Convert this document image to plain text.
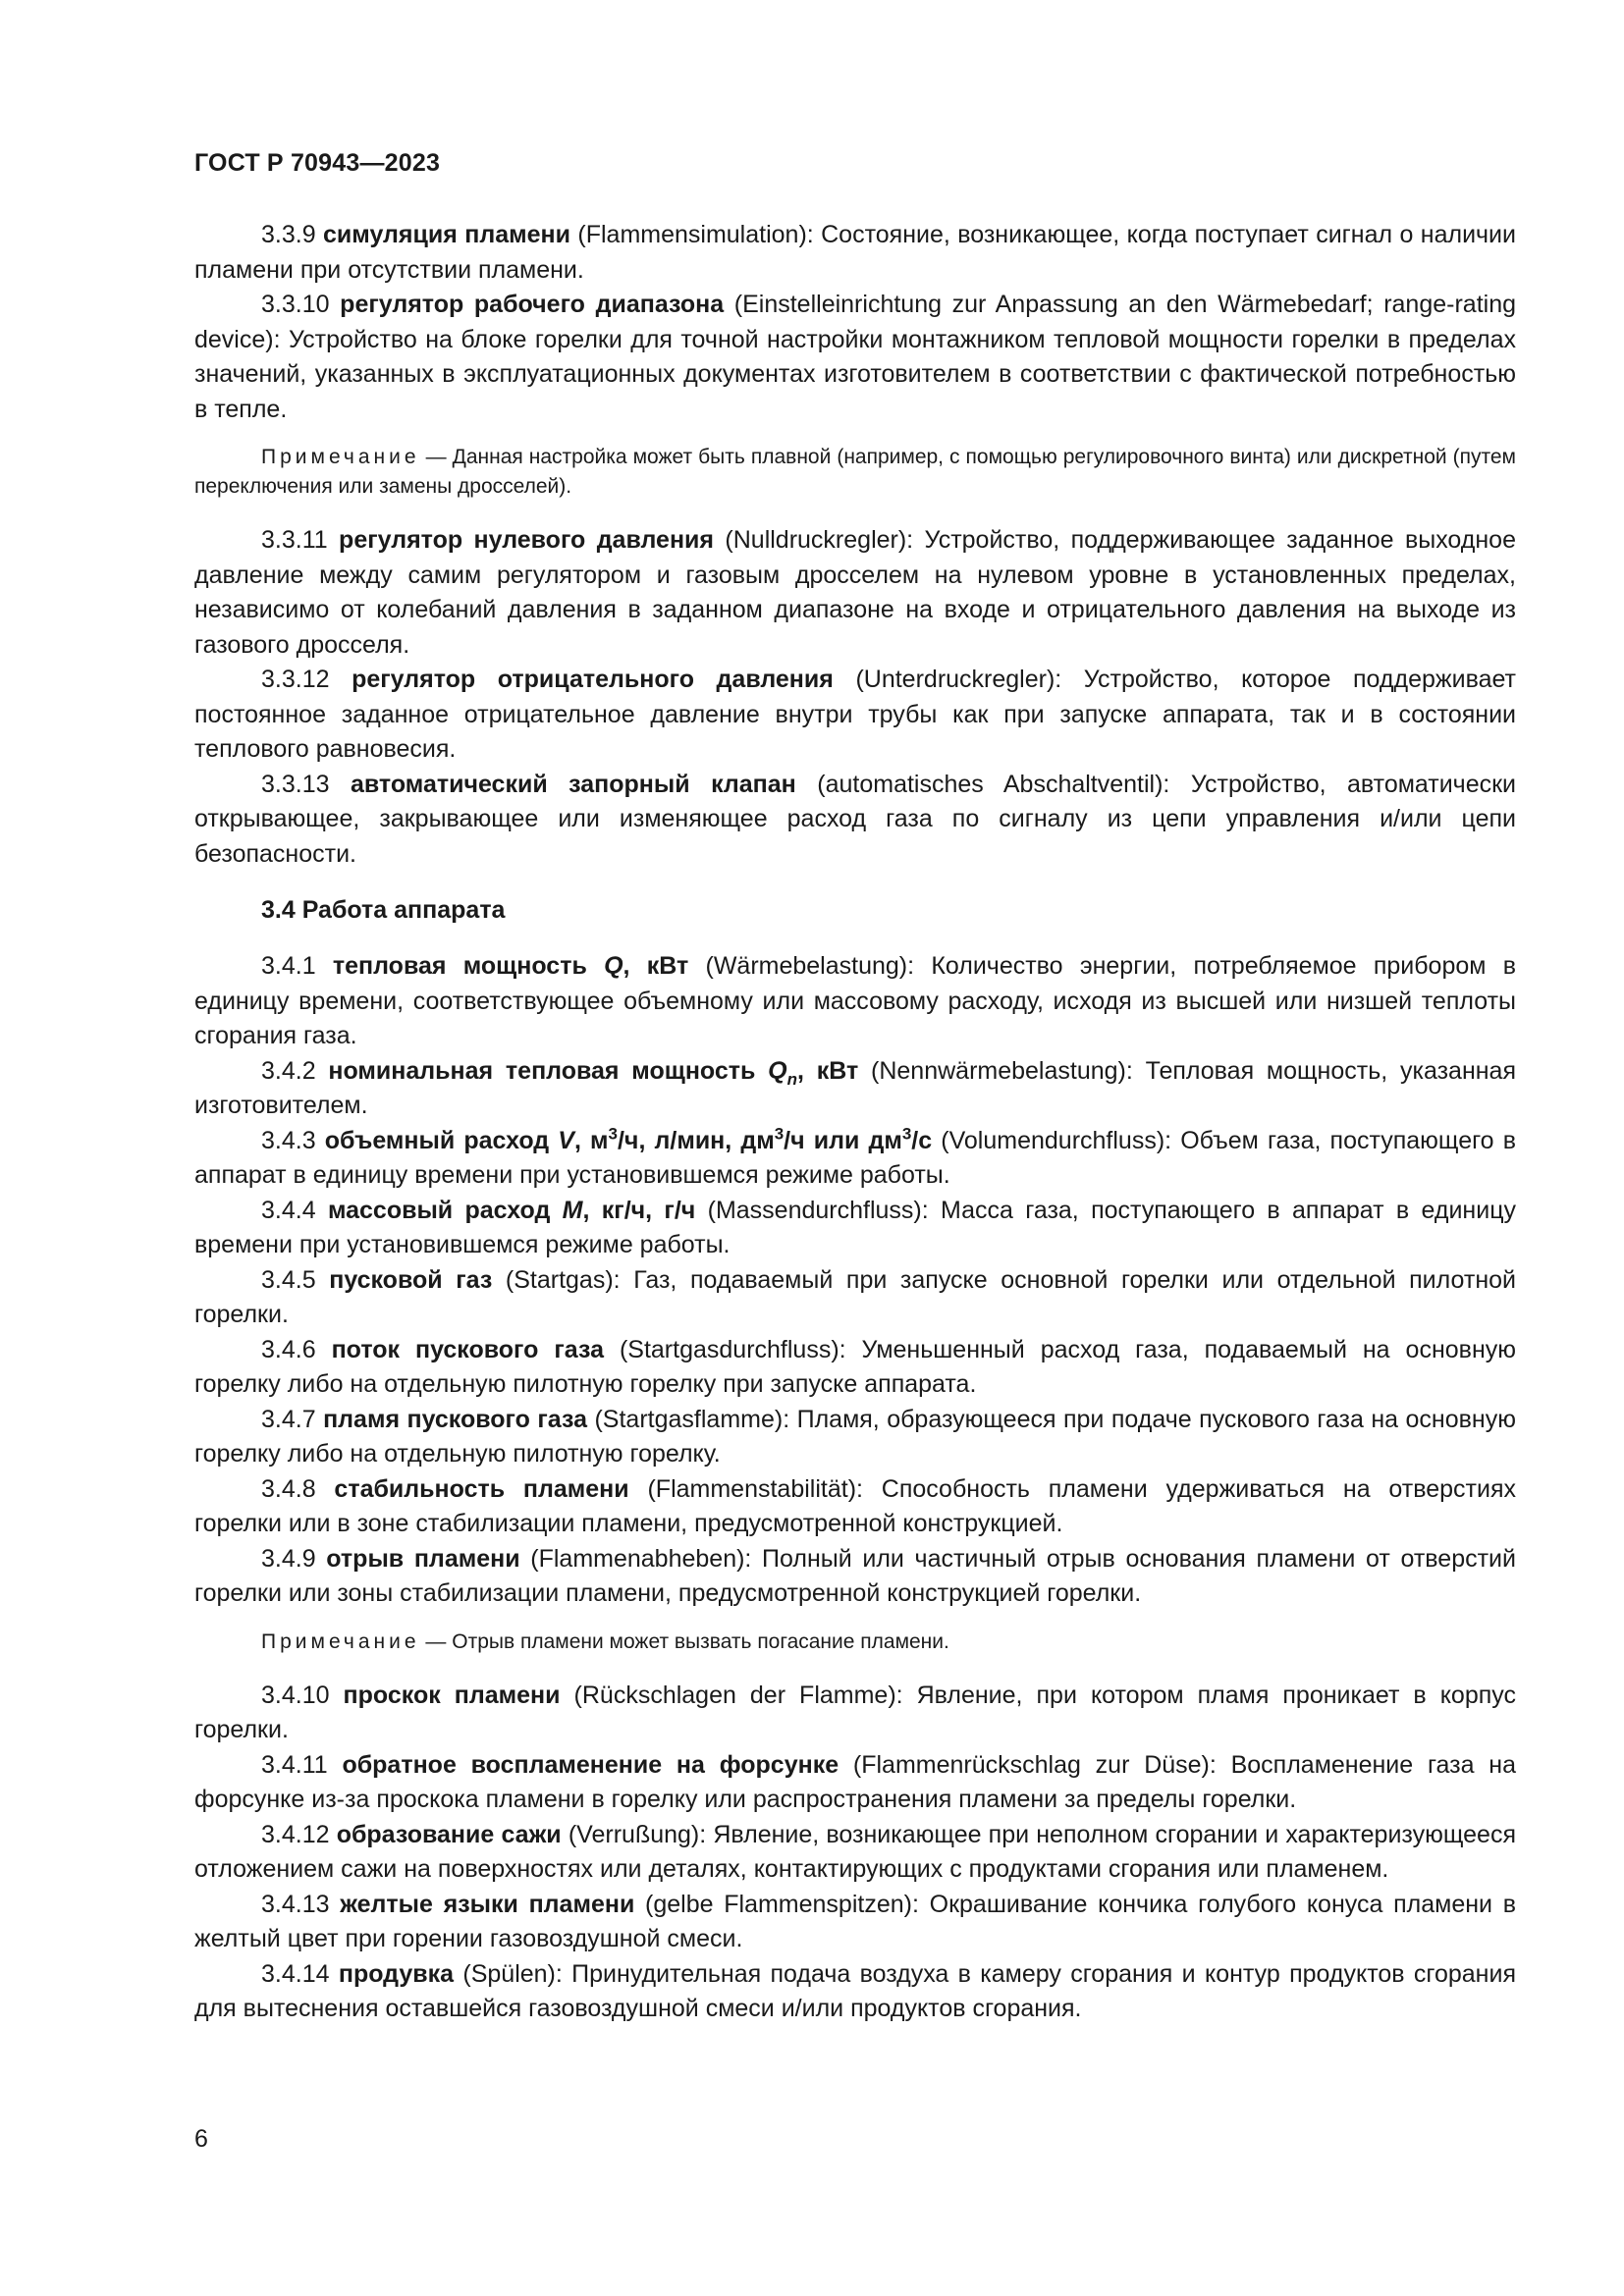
ГОСТ Р 70943—2023

3.3.9 симуляция пламени (Flammensimulation): Состояние, возникающее, когда поступает сигнал о наличии пламени при отсутствии пламени.

3.3.10 регулятор рабочего диапазона (Einstelleinrichtung zur Anpassung an den Wärmebedarf; range-rating device): Устройство на блоке горелки для точной настройки монтажником тепловой мощности горелки в пределах значений, указанных в эксплуатационных документах изготовителем в соответствии с фактической потребностью в тепле.

Примечание — Данная настройка может быть плавной (например, с помощью регулировочного винта) или дискретной (путем переключения или замены дросселей).

3.3.11 регулятор нулевого давления (Nulldruckregler): Устройство, поддерживающее заданное выходное давление между самим регулятором и газовым дросселем на нулевом уровне в установленных пределах, независимо от колебаний давления в заданном диапазоне на входе и отрицательного давления на выходе из газового дросселя.

3.3.12 регулятор отрицательного давления (Unterdruckregler): Устройство, которое поддерживает постоянное заданное отрицательное давление внутри трубы как при запуске аппарата, так и в состоянии теплового равновесия.

3.3.13 автоматический запорный клапан (automatisches Abschaltventil): Устройство, автоматически открывающее, закрывающее или изменяющее расход газа по сигналу из цепи управления и/или цепи безопасности.

3.4 Работа аппарата

3.4.1 тепловая мощность Q, кВт (Wärmebelastung): Количество энергии, потребляемое прибором в единицу времени, соответствующее объемному или массовому расходу, исходя из высшей или низшей теплоты сгорания газа.

3.4.2 номинальная тепловая мощность $Q_n$, кВт (Nennwärmebelastung): Тепловая мощность, указанная изготовителем.

3.4.3 объемный расход V, $м^3/ч$, л/мин, $дм^3/ч$ или $дм^3/с$ (Volumendurchfluss): Объем газа, поступающего в аппарат в единицу времени при установившемся режиме работы.

3.4.4 массовый расход M, кг/ч, г/ч (Massendurchfluss): Масса газа, поступающего в аппарат в единицу времени при установившемся режиме работы.

3.4.5 пусковой газ (Startgas): Газ, подаваемый при запуске основной горелки или отдельной пилотной горелки.

3.4.6 поток пускового газа (Startgasdurchfluss): Уменьшенный расход газа, подаваемый на основную горелку либо на отдельную пилотную горелку при запуске аппарата.

3.4.7 пламя пускового газа (Startgasflamme): Пламя, образующееся при подаче пускового газа на основную горелку либо на отдельную пилотную горелку.

3.4.8 стабильность пламени (Flammenstabilität): Способность пламени удерживаться на отверстиях горелки или в зоне стабилизации пламени, предусмотренной конструкцией.

3.4.9 отрыв пламени (Flammenabheben): Полный или частичный отрыв основания пламени от отверстий горелки или зоны стабилизации пламени, предусмотренной конструкцией горелки.

Примечание — Отрыв пламени может вызвать погасание пламени.

3.4.10 проскок пламени (Rückschlagen der Flamme): Явление, при котором пламя проникает в корпус горелки.

3.4.11 обратное воспламенение на форсунке (Flammenrückschlag zur Düse): Воспламенение газа на форсунке из-за проскока пламени в горелку или распространения пламени за пределы горелки.

3.4.12 образование сажи (Verrußung): Явление, возникающее при неполном сгорании и характеризующееся отложением сажи на поверхностях или деталях, контактирующих с продуктами сгорания или пламенем.

3.4.13 желтые языки пламени (gelbe Flammenspitzen): Окрашивание кончика голубого конуса пламени в желтый цвет при горении газовоздушной смеси.

3.4.14 продувка (Spülen): Принудительная подача воздуха в камеру сгорания и контур продуктов сгорания для вытеснения оставшейся газовоздушной смеси и/или продуктов сгорания.

6
